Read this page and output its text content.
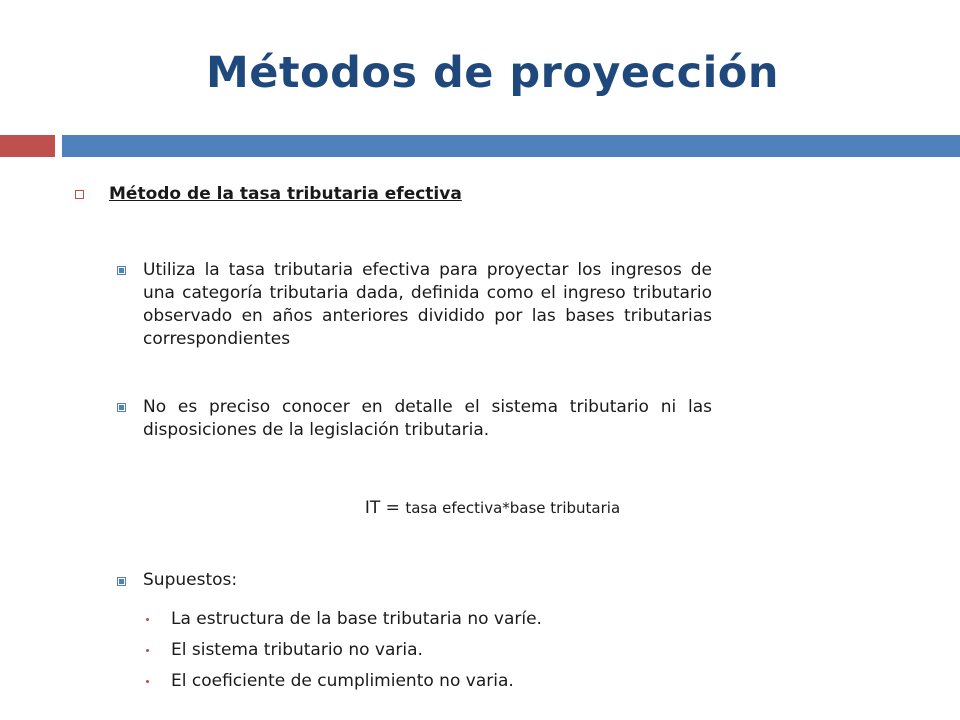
Métodos de proyección
Método de la tasa tributaria efectiva
Utiliza la tasa tributaria efectiva para proyectar los ingresos de una categoría tributaria dada, definida como el ingreso tributario observado en años anteriores dividido por las bases tributarias correspondientes
No es preciso conocer en detalle el sistema tributario ni las disposiciones de la legislación tributaria.
IT = tasa efectiva*base tributaria
Supuestos:
La estructura de la base tributaria no varíe.
El sistema tributario no varia.
El coeficiente de cumplimiento no varia.
